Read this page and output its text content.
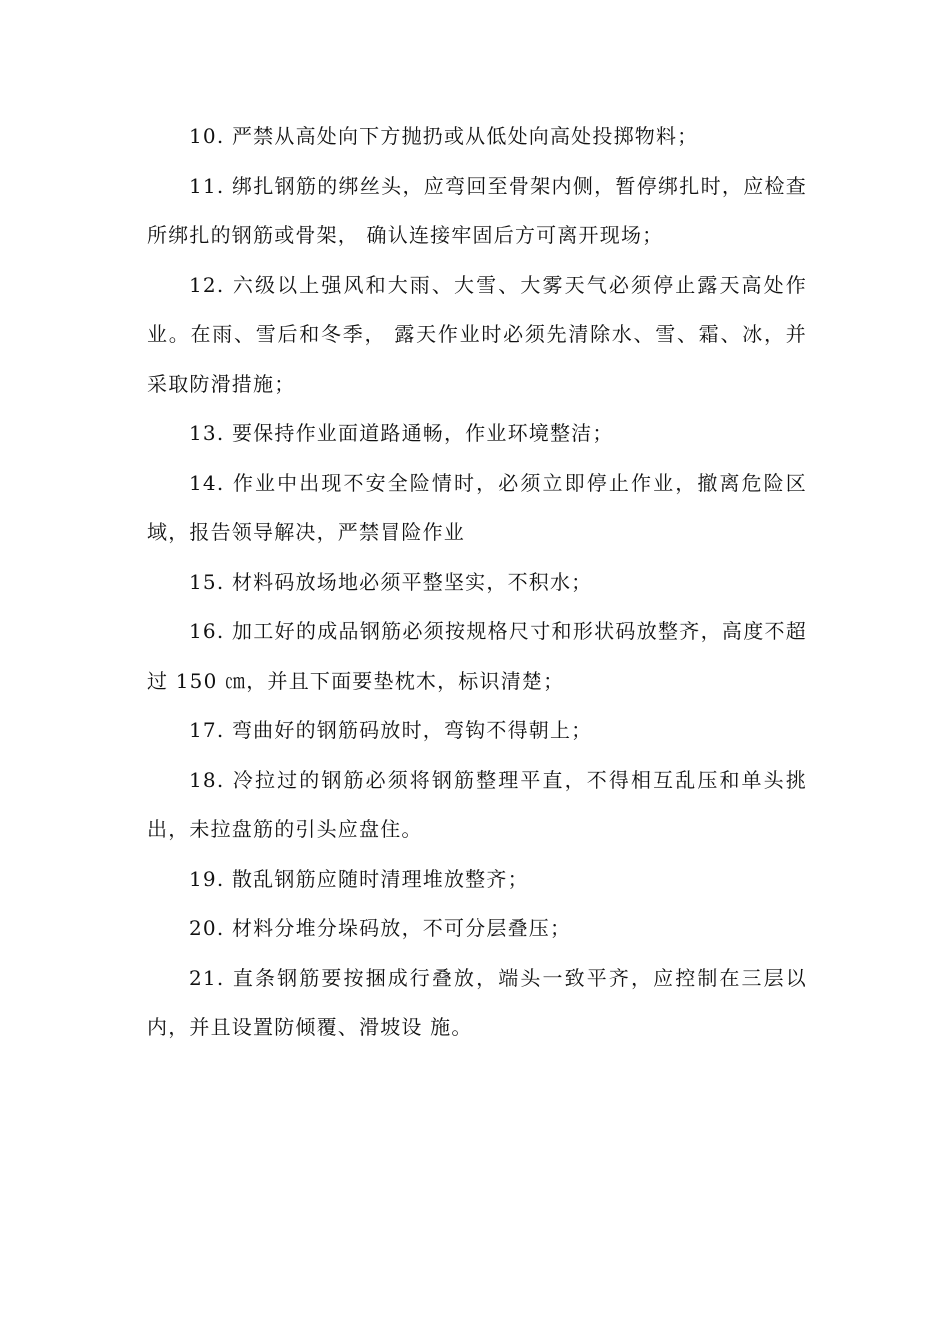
10. 严禁从高处向下方抛扔或从低处向高处投掷物料；

11. 绑扎钢筋的绑丝头，应弯回至骨架内侧，暂停绑扎时，应检查所绑扎的钢筋或骨架， 确认连接牢固后方可离开现场；

12. 六级以上强风和大雨、大雪、大雾天气必须停止露天高处作业。在雨、雪后和冬季， 露天作业时必须先清除水、雪、霜、冰，并采取防滑措施；

13. 要保持作业面道路通畅，作业环境整洁；

14. 作业中出现不安全险情时，必须立即停止作业，撤离危险区域，报告领导解决，严禁冒险作业

15. 材料码放场地必须平整坚实，不积水；

16. 加工好的成品钢筋必须按规格尺寸和形状码放整齐，高度不超过 150 ㎝，并且下面要垫枕木，标识清楚；

17. 弯曲好的钢筋码放时，弯钩不得朝上；

18. 冷拉过的钢筋必须将钢筋整理平直，不得相互乱压和单头挑出，未拉盘筋的引头应盘住。

19. 散乱钢筋应随时清理堆放整齐；

20. 材料分堆分垛码放，不可分层叠压；

21. 直条钢筋要按捆成行叠放，端头一致平齐，应控制在三层以内，并且设置防倾覆、滑坡设 施。
